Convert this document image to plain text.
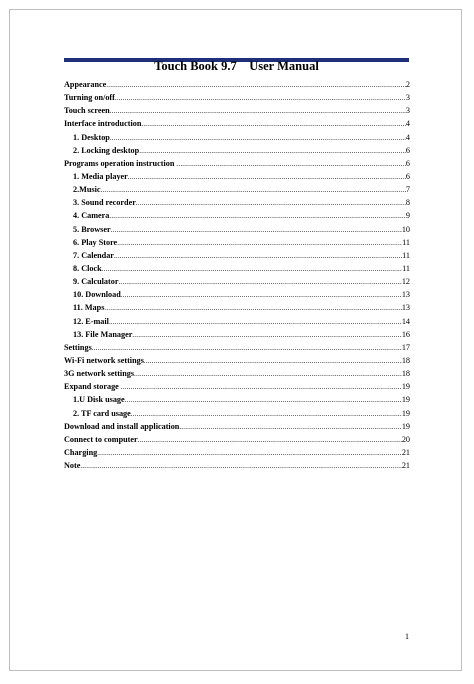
Touch Book 9.7    User Manual
Appearance .....	2
Turning on/off .....	3
Touch screen .....	3
Interface introduction .....	4
1. Desktop .....	4
2. Locking desktop .....	6
Programs operation instruction .....	6
1. Media player .....	6
2.Music .....	7
3. Sound recorder .....	8
4. Camera .....	9
5. Browser .....	10
6. Play Store .....	11
7. Calendar .....	11
8. Clock .....	11
9. Calculator .....	12
10. Download .....	13
11. Maps .....	13
12. E-mail .....	14
13. File Manager .....	16
Settings .....	17
Wi-Fi network settings .....	18
3G network settings .....	18
Expand storage .....	19
1.U Disk usage .....	19
2. TF card usage .....	19
Download and install application .....	19
Connect to computer .....	20
Charging .....	21
Note .....	21
1
